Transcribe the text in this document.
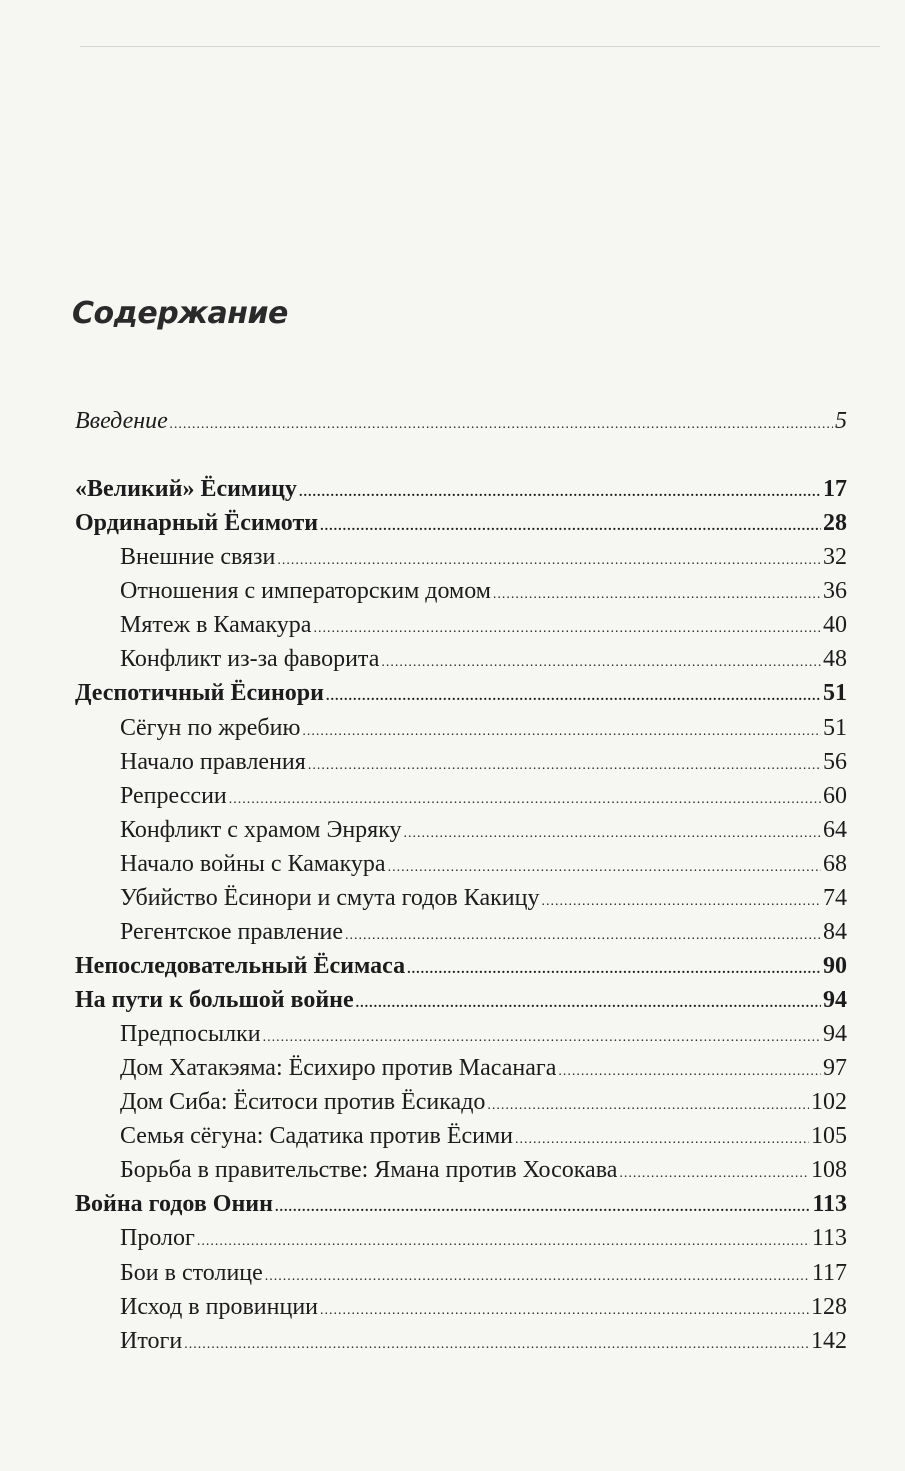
Содержание
Введение .....	5
«Великий» Ёсимицу .....	17
Ординарный Ёсимоти .....	28
Внешние связи .....	32
Отношения с императорским домом .....	36
Мятеж в Камакура .....	40
Конфликт из-за фаворита .....	48
Деспотичный Ёсинори .....	51
Сёгун по жребию .....	51
Начало правления .....	56
Репрессии .....	60
Конфликт с храмом Энряку .....	64
Начало войны с Камакура .....	68
Убийство Ёсинори и смута годов Какицу .....	74
Регентское правление .....	84
Непоследовательный Ёсимаса .....	90
На пути к большой войне .....	94
Предпосылки .....	94
Дом Хатакэяма: Ёсихиро против Масанага .....	97
Дом Сиба: Ёситоси против Ёсикадо .....	102
Семья сёгуна: Садатика против Ёсими .....	105
Борьба в правительстве: Ямана против Хосокава .....	108
Война годов Онин .....	113
Пролог .....	113
Бои в столице .....	117
Исход в провинции .....	128
Итоги .....	142
